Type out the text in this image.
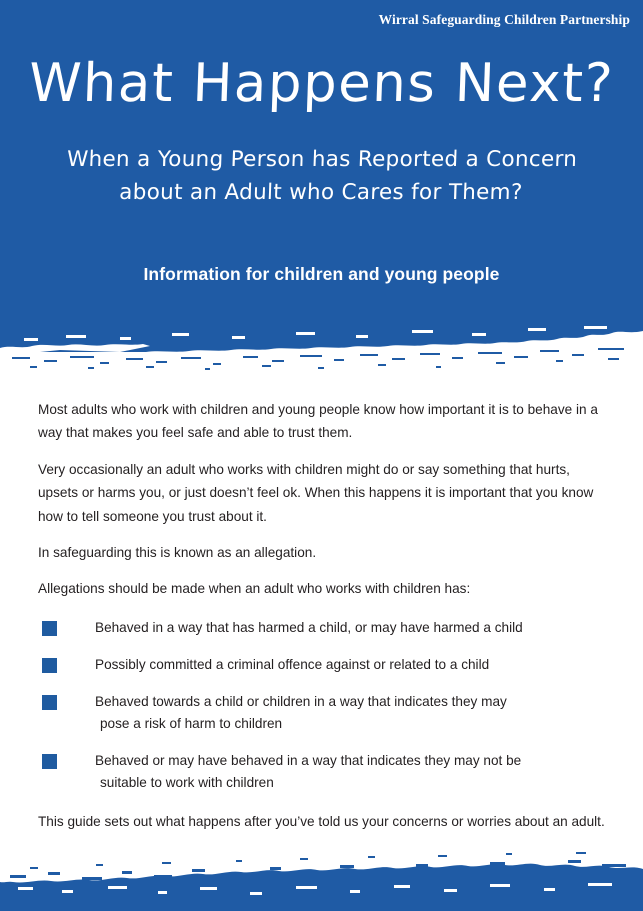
Wirral Safeguarding Children Partnership
What Happens Next?
When a Young Person has Reported a Concern about an Adult who Cares for Them?
Information for children and young people

Most adults who work with children and young people know how important it is to behave in a way that makes you feel safe and able to trust them.

Very occasionally an adult who works with children might do or say something that hurts, upsets or harms you, or just doesn’t feel ok. When this happens it is important that you know how to tell someone you trust about it.

In safeguarding this is known as an allegation.

Allegations should be made when an adult who works with children has:

Behaved in a way that has harmed a child, or may have harmed a child
Possibly committed a criminal offence against or related to a child
Behaved towards a child or children in a way that indicates they may
pose a risk of harm to children
Behaved or may have behaved in a way that indicates they may not be
suitable to work with children

This guide sets out what happens after you’ve told us your concerns or worries about an adult.
